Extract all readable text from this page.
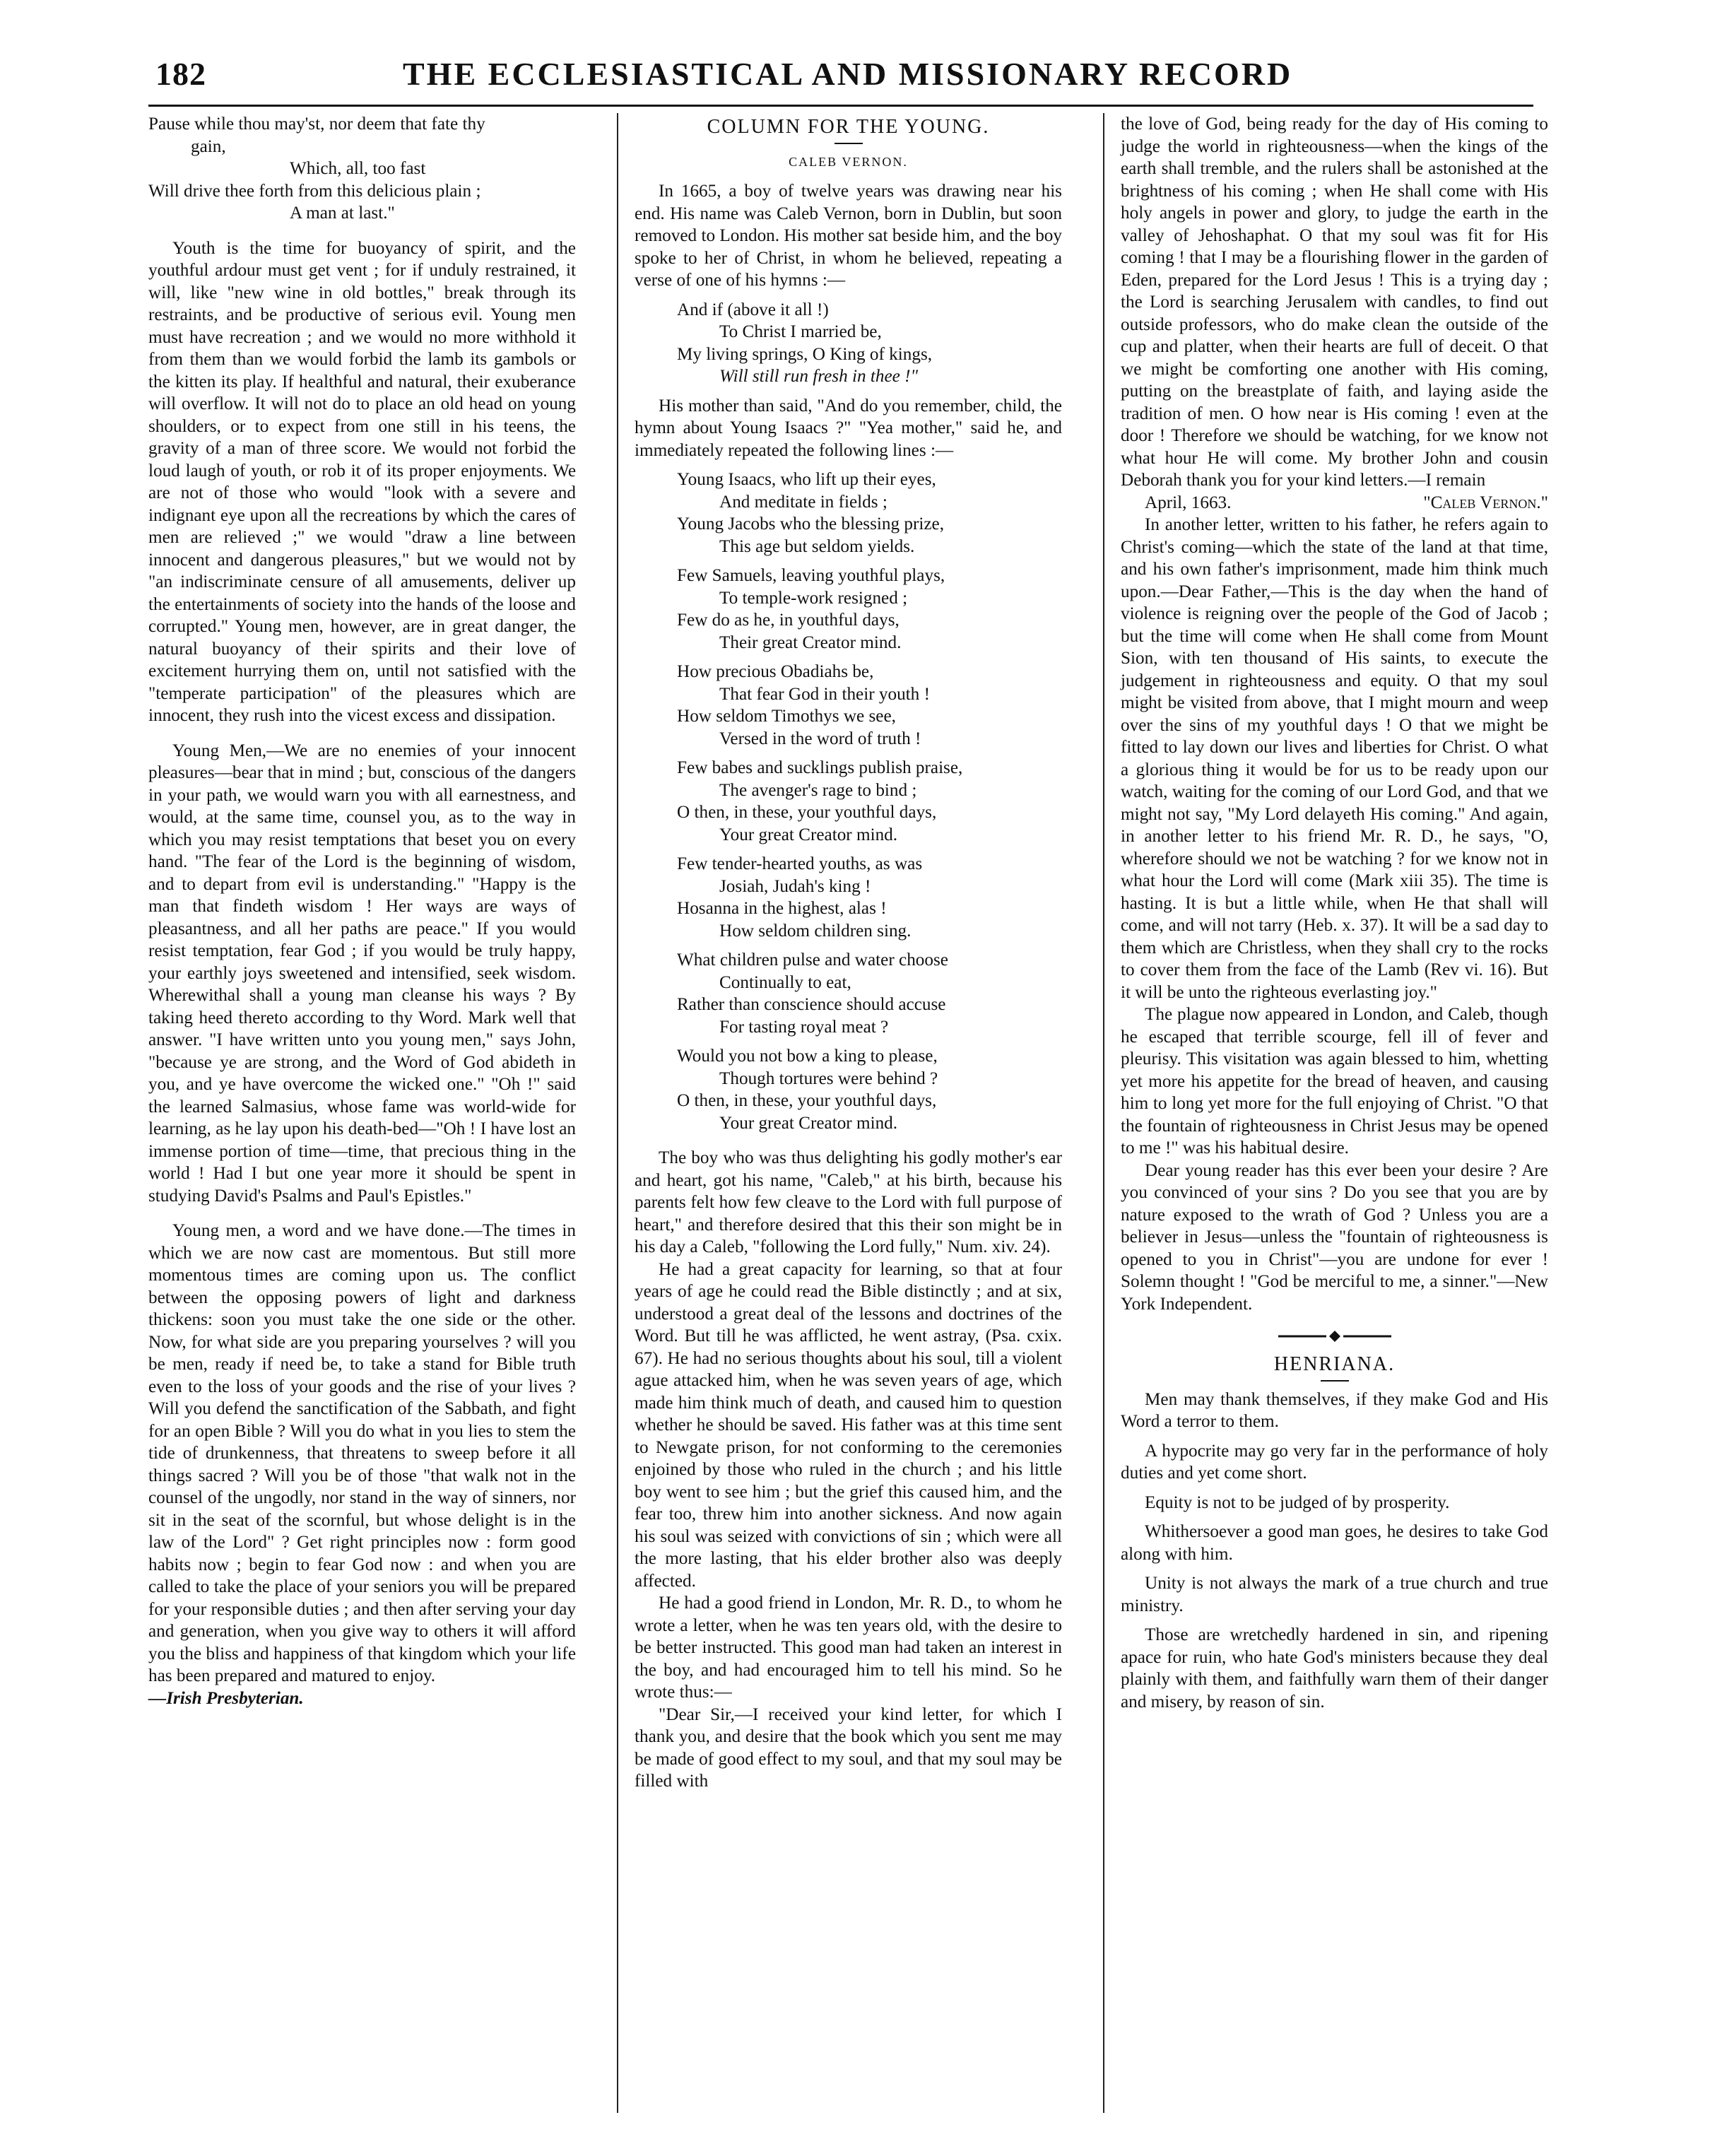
182	THE ECCLESIASTICAL AND MISSIONARY RECORD
Pause while thou may'st, nor deem that fate thy
gain,
Which, all, too fast
Will drive thee forth from this delicious plain ;
A man at last."

Youth is the time for buoyancy of spirit, and the youthful ardour must get vent ; for if unduly restrained, it will, like "new wine in old bottles," break through its restraints, and be productive of serious evil. Young men must have recreation ; and we would no more withhold it from them than we would forbid the lamb its gambols or the kitten its play. If healthful and natural, their exuberance will overflow. It will not do to place an old head on young shoulders, or to expect from one still in his teens, the gravity of a man of three score. We would not forbid the loud laugh of youth, or rob it of its proper enjoyments. We are not of those who would "look with a severe and indignant eye upon all the recreations by which the cares of men are relieved ;" we would "draw a line between innocent and dangerous pleasures," but we would not by "an indiscriminate censure of all amusements, deliver up the entertainments of society into the hands of the loose and corrupted." Young men, however, are in great danger, the natural buoyancy of their spirits and their love of excitement hurrying them on, until not satisfied with the "temperate participation" of the pleasures which are innocent, they rush into the vicest excess and dissipation.

Young Men,—We are no enemies of your innocent pleasures—bear that in mind ; but, conscious of the dangers in your path, we would warn you with all earnestness, and would, at the same time, counsel you, as to the way in which you may resist temptations that beset you on every hand. "The fear of the Lord is the beginning of wisdom, and to depart from evil is understanding." "Happy is the man that findeth wisdom ! Her ways are ways of pleasantness, and all her paths are peace." If you would resist temptation, fear God ; if you would be truly happy, your earthly joys sweetened and intensified, seek wisdom. Wherewithal shall a young man cleanse his ways ? By taking heed thereto according to thy Word. Mark well that answer. "I have written unto you young men," says John, "because ye are strong, and the Word of God abideth in you, and ye have overcome the wicked one." "Oh !" said the learned Salmasius, whose fame was world-wide for learning, as he lay upon his death-bed—"Oh ! I have lost an immense portion of time—time, that precious thing in the world ! Had I but one year more it should be spent in studying David's Psalms and Paul's Epistles."

Young men, a word and we have done.—The times in which we are now cast are momentous. But still more momentous times are coming upon us. The conflict between the opposing powers of light and darkness thickens: soon you must take the one side or the other. Now, for what side are you preparing yourselves ? will you be men, ready if need be, to take a stand for Bible truth even to the loss of your goods and the rise of your lives ? Will you defend the sanctification of the Sabbath, and fight for an open Bible ? Will you do what in you lies to stem the tide of drunkenness, that threatens to sweep before it all things sacred ? Will you be of those "that walk not in the counsel of the ungodly, nor stand in the way of sinners, nor sit in the seat of the scornful, but whose delight is in the law of the Lord" ? Get right principles now : form good habits now ; begin to fear God now : and when you are called to take the place of your seniors you will be prepared for your responsible duties ; and then after serving your day and generation, when you give way to others it will afford you the bliss and happiness of that kingdom which your life has been prepared and matured to enjoy.

—Irish Presbyterian.

COLUMN FOR THE YOUNG.
CALEB VERNON.

In 1665, a boy of twelve years was drawing near his end. His name was Caleb Vernon, born in Dublin, but soon removed to London. His mother sat beside him, and the boy spoke to her of Christ, in whom he believed, repeating a verse of one of his hymns :—

And if (above it all !)
To Christ I married be,
My living springs, O King of kings,
Will still run fresh in thee !"

His mother than said, "And do you remember, child, the hymn about Young Isaacs ?" "Yea mother," said he, and immediately repeated the following lines :—

Young Isaacs, who lift up their eyes,
And meditate in fields ;
Young Jacobs who the blessing prize,
This age but seldom yields.
Few Samuels, leaving youthful plays,
To temple-work resigned ;
Few do as he, in youthful days,
Their great Creator mind.
How precious Obadiahs be,
That fear God in their youth !
How seldom Timothys we see,
Versed in the word of truth !
Few babes and sucklings publish praise,
The avenger's rage to bind ;
O then, in these, your youthful days,
Your great Creator mind.
Few tender-hearted youths, as was
Josiah, Judah's king !
Hosanna in the highest, alas !
How seldom children sing.
What children pulse and water choose
Continually to eat,
Rather than conscience should accuse
For tasting royal meat ?
Would you not bow a king to please,
Though tortures were behind ?
O then, in these, your youthful days,
Your great Creator mind.

The boy who was thus delighting his godly mother's ear and heart, got his name, "Caleb," at his birth, because his parents felt how few cleave to the Lord with full purpose of heart," and therefore desired that this their son might be in his day a Caleb, "following the Lord fully," Num. xiv. 24).

He had a great capacity for learning, so that at four years of age he could read the Bible distinctly ; and at six, understood a great deal of the lessons and doctrines of the Word. But till he was afflicted, he went astray, (Psa. cxix. 67). He had no serious thoughts about his soul, till a violent ague attacked him, when he was seven years of age, which made him think much of death, and caused him to question whether he should be saved. His father was at this time sent to Newgate prison, for not conforming to the ceremonies enjoined by those who ruled in the church ; and his little boy went to see him ; but the grief this caused him, and the fear too, threw him into another sickness. And now again his soul was seized with convictions of sin ; which were all the more lasting, that his elder brother also was deeply affected.

He had a good friend in London, Mr. R. D., to whom he wrote a letter, when he was ten years old, with the desire to be better instructed. This good man had taken an interest in the boy, and had encouraged him to tell his mind. So he wrote thus:—

"Dear Sir,—I received your kind letter, for which I thank you, and desire that the book which you sent me may be made of good effect to my soul, and that my soul may be filled with

the love of God, being ready for the day of His coming to judge the world in righteousness—when the kings of the earth shall tremble, and the rulers shall be astonished at the brightness of his coming ; when He shall come with His holy angels in power and glory, to judge the earth in the valley of Jehoshaphat. O that my soul was fit for His coming ! that I may be a flourishing flower in the garden of Eden, prepared for the Lord Jesus ! This is a trying day ; the Lord is searching Jerusalem with candles, to find out outside professors, who do make clean the outside of the cup and platter, when their hearts are full of deceit. O that we might be comforting one another with His coming, putting on the breastplate of faith, and laying aside the tradition of men. O how near is His coming ! even at the door ! Therefore we should be watching, for we know not what hour He will come. My brother John and cousin Deborah thank you for your kind letters.—I remain

April, 1663.	"Caleb Vernon."

In another letter, written to his father, he refers again to Christ's coming—which the state of the land at that time, and his own father's imprisonment, made him think much upon.—Dear Father,—This is the day when the hand of violence is reigning over the people of the God of Jacob ; but the time will come when He shall come from Mount Sion, with ten thousand of His saints, to execute the judgement in righteousness and equity. O that my soul might be visited from above, that I might mourn and weep over the sins of my youthful days ! O that we might be fitted to lay down our lives and liberties for Christ. O what a glorious thing it would be for us to be ready upon our watch, waiting for the coming of our Lord God, and that we might not say, "My Lord delayeth His coming." And again, in another letter to his friend Mr. R. D., he says, "O, wherefore should we not be watching ? for we know not in what hour the Lord will come (Mark xiii 35). The time is hasting. It is but a little while, when He that shall will come, and will not tarry (Heb. x. 37). It will be a sad day to them which are Christless, when they shall cry to the rocks to cover them from the face of the Lamb (Rev vi. 16). But it will be unto the righteous everlasting joy."

The plague now appeared in London, and Caleb, though he escaped that terrible scourge, fell ill of fever and pleurisy. This visitation was again blessed to him, whetting yet more his appetite for the bread of heaven, and causing him to long yet more for the full enjoying of Christ. "O that the fountain of righteousness in Christ Jesus may be opened to me !" was his habitual desire.

Dear young reader has this ever been your desire ? Are you convinced of your sins ? Do you see that you are by nature exposed to the wrath of God ? Unless you are a believer in Jesus—unless the "fountain of righteousness is opened to you in Christ"—you are undone for ever ! Solemn thought ! "God be merciful to me, a sinner."—New York Independent.

HENRIANA.

Men may thank themselves, if they make God and His Word a terror to them.

A hypocrite may go very far in the performance of holy duties and yet come short.

Equity is not to be judged of by prosperity.

Whithersoever a good man goes, he desires to take God along with him.

Unity is not always the mark of a true church and true ministry.

Those are wretchedly hardened in sin, and ripening apace for ruin, who hate God's ministers because they deal plainly with them, and faithfully warn them of their danger and misery, by reason of sin.
